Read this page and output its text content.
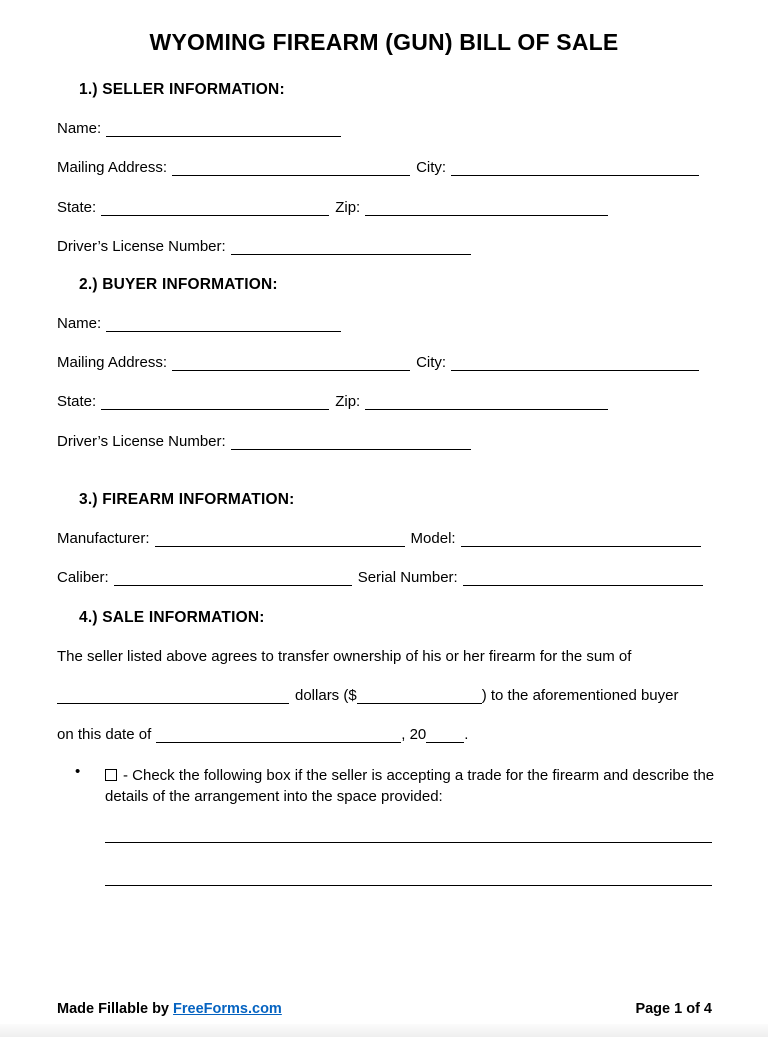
WYOMING FIREARM (GUN) BILL OF SALE
1.) SELLER INFORMATION:
Name:
Mailing Address:	City:
State:	Zip:
Driver’s License Number:
2.) BUYER INFORMATION:
Name:
Mailing Address:	City:
State:	Zip:
Driver’s License Number:
3.) FIREARM INFORMATION:
Manufacturer:	Model:
Caliber:	Serial Number:
4.) SALE INFORMATION:
The seller listed above agrees to transfer ownership of his or her firearm for the sum of
dollars ($	) to the aforementioned buyer
on this date of	, 20	.
•	- Check the following box if the seller is accepting a trade for the firearm and describe the details of the arrangement into the space provided:
Page 1 of 4
Made Fillable by FreeForms.com
